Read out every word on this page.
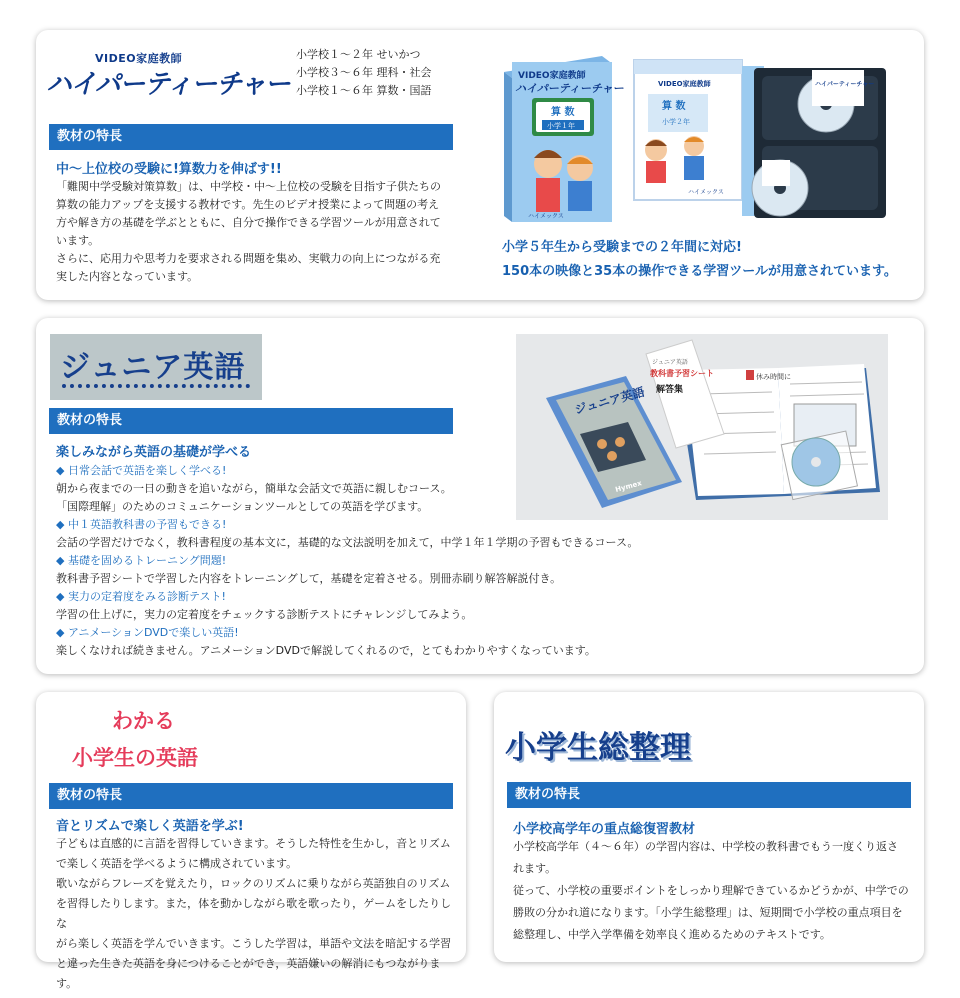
VIDEO家庭教師
ハイパーティーチャー
小学校１～２年 せいかつ
小学校３～６年 理科・社会
小学校１～６年 算数・国語
教材の特長
中～上位校の受験に!算数力を伸ばす!!

「難関中学受験対策算数」は、中学校・中～上位校の受験を目指す子供たちの

算数の能力アップを支援する教材です。先生のビデオ授業によって問題の考え

方や解き方の基礎を学ぶとともに、自分で操作できる学習ツールが用意されて

います。

さらに、応用力や思考力を要求される問題を集め、実戦力の向上につながる充

実した内容となっています。

VIDEO家庭教師
ハイパーティーチャー
算 数
小学１年
ハイメックス
VIDEO家庭教師
算 数
小学２年
ハイメックス
ハイパーティーチャー
小学５年生から受験までの２年間に対応!
150本の映像と35本の操作できる学習ツールが用意されています。
ジュニア英語
教材の特長
楽しみながら英語の基礎が学べる

◆ 日常会話で英語を楽しく学べる!

朝から夜までの一日の動きを追いながら，簡単な会話文で英語に親しむコース。

「国際理解」のためのコミュニケーションツールとしての英語を学びます。

◆ 中１英語教科書の予習もできる!

会話の学習だけでなく，教科書程度の基本文に，基礎的な文法説明を加えて，中学１年１学期の予習もできるコース。

◆ 基礎を固めるトレーニング問題!

教科書予習シートで学習した内容をトレーニングして，基礎を定着させる。別冊赤刷り解答解説付き。

◆ 実力の定着度をみる診断テスト!

学習の仕上げに，実力の定着度をチェックする診断テストにチャレンジしてみよう。

◆ アニメーションDVDで楽しい英語!

楽しくなければ続きません。アニメーションDVDで解説してくれるので，とてもわかりやすくなっています。

休み時間に
ジュニア英語
教科書予習シート
解答集
ジュニア英語
Hymex
わかる
小学生の英語
教材の特長
音とリズムで楽しく英語を学ぶ!

子どもは直感的に言語を習得していきます。そうした特性を生かし，音とリズム

で楽しく英語を学べるように構成されています。

歌いながらフレーズを覚えたり，ロックのリズムに乗りながら英語独自のリズム

を習得したりします。また，体を動かしながら歌を歌ったり，ゲームをしたりしな

がら楽しく英語を学んでいきます。こうした学習は，単語や文法を暗記する学習

と違った生きた英語を身につけることができ，英語嫌いの解消にもつながります。

小学生総整理
教材の特長
小学校高学年の重点総復習教材

小学校高学年（４～６年）の学習内容は、中学校の教科書でもう一度くり返さ

れます。

従って、小学校の重要ポイントをしっかり理解できているかどうかが、中学での

勝敗の分かれ道になります。「小学生総整理」は、短期間で小学校の重点項目を

総整理し、中学入学準備を効率良く進めるためのテキストです。
